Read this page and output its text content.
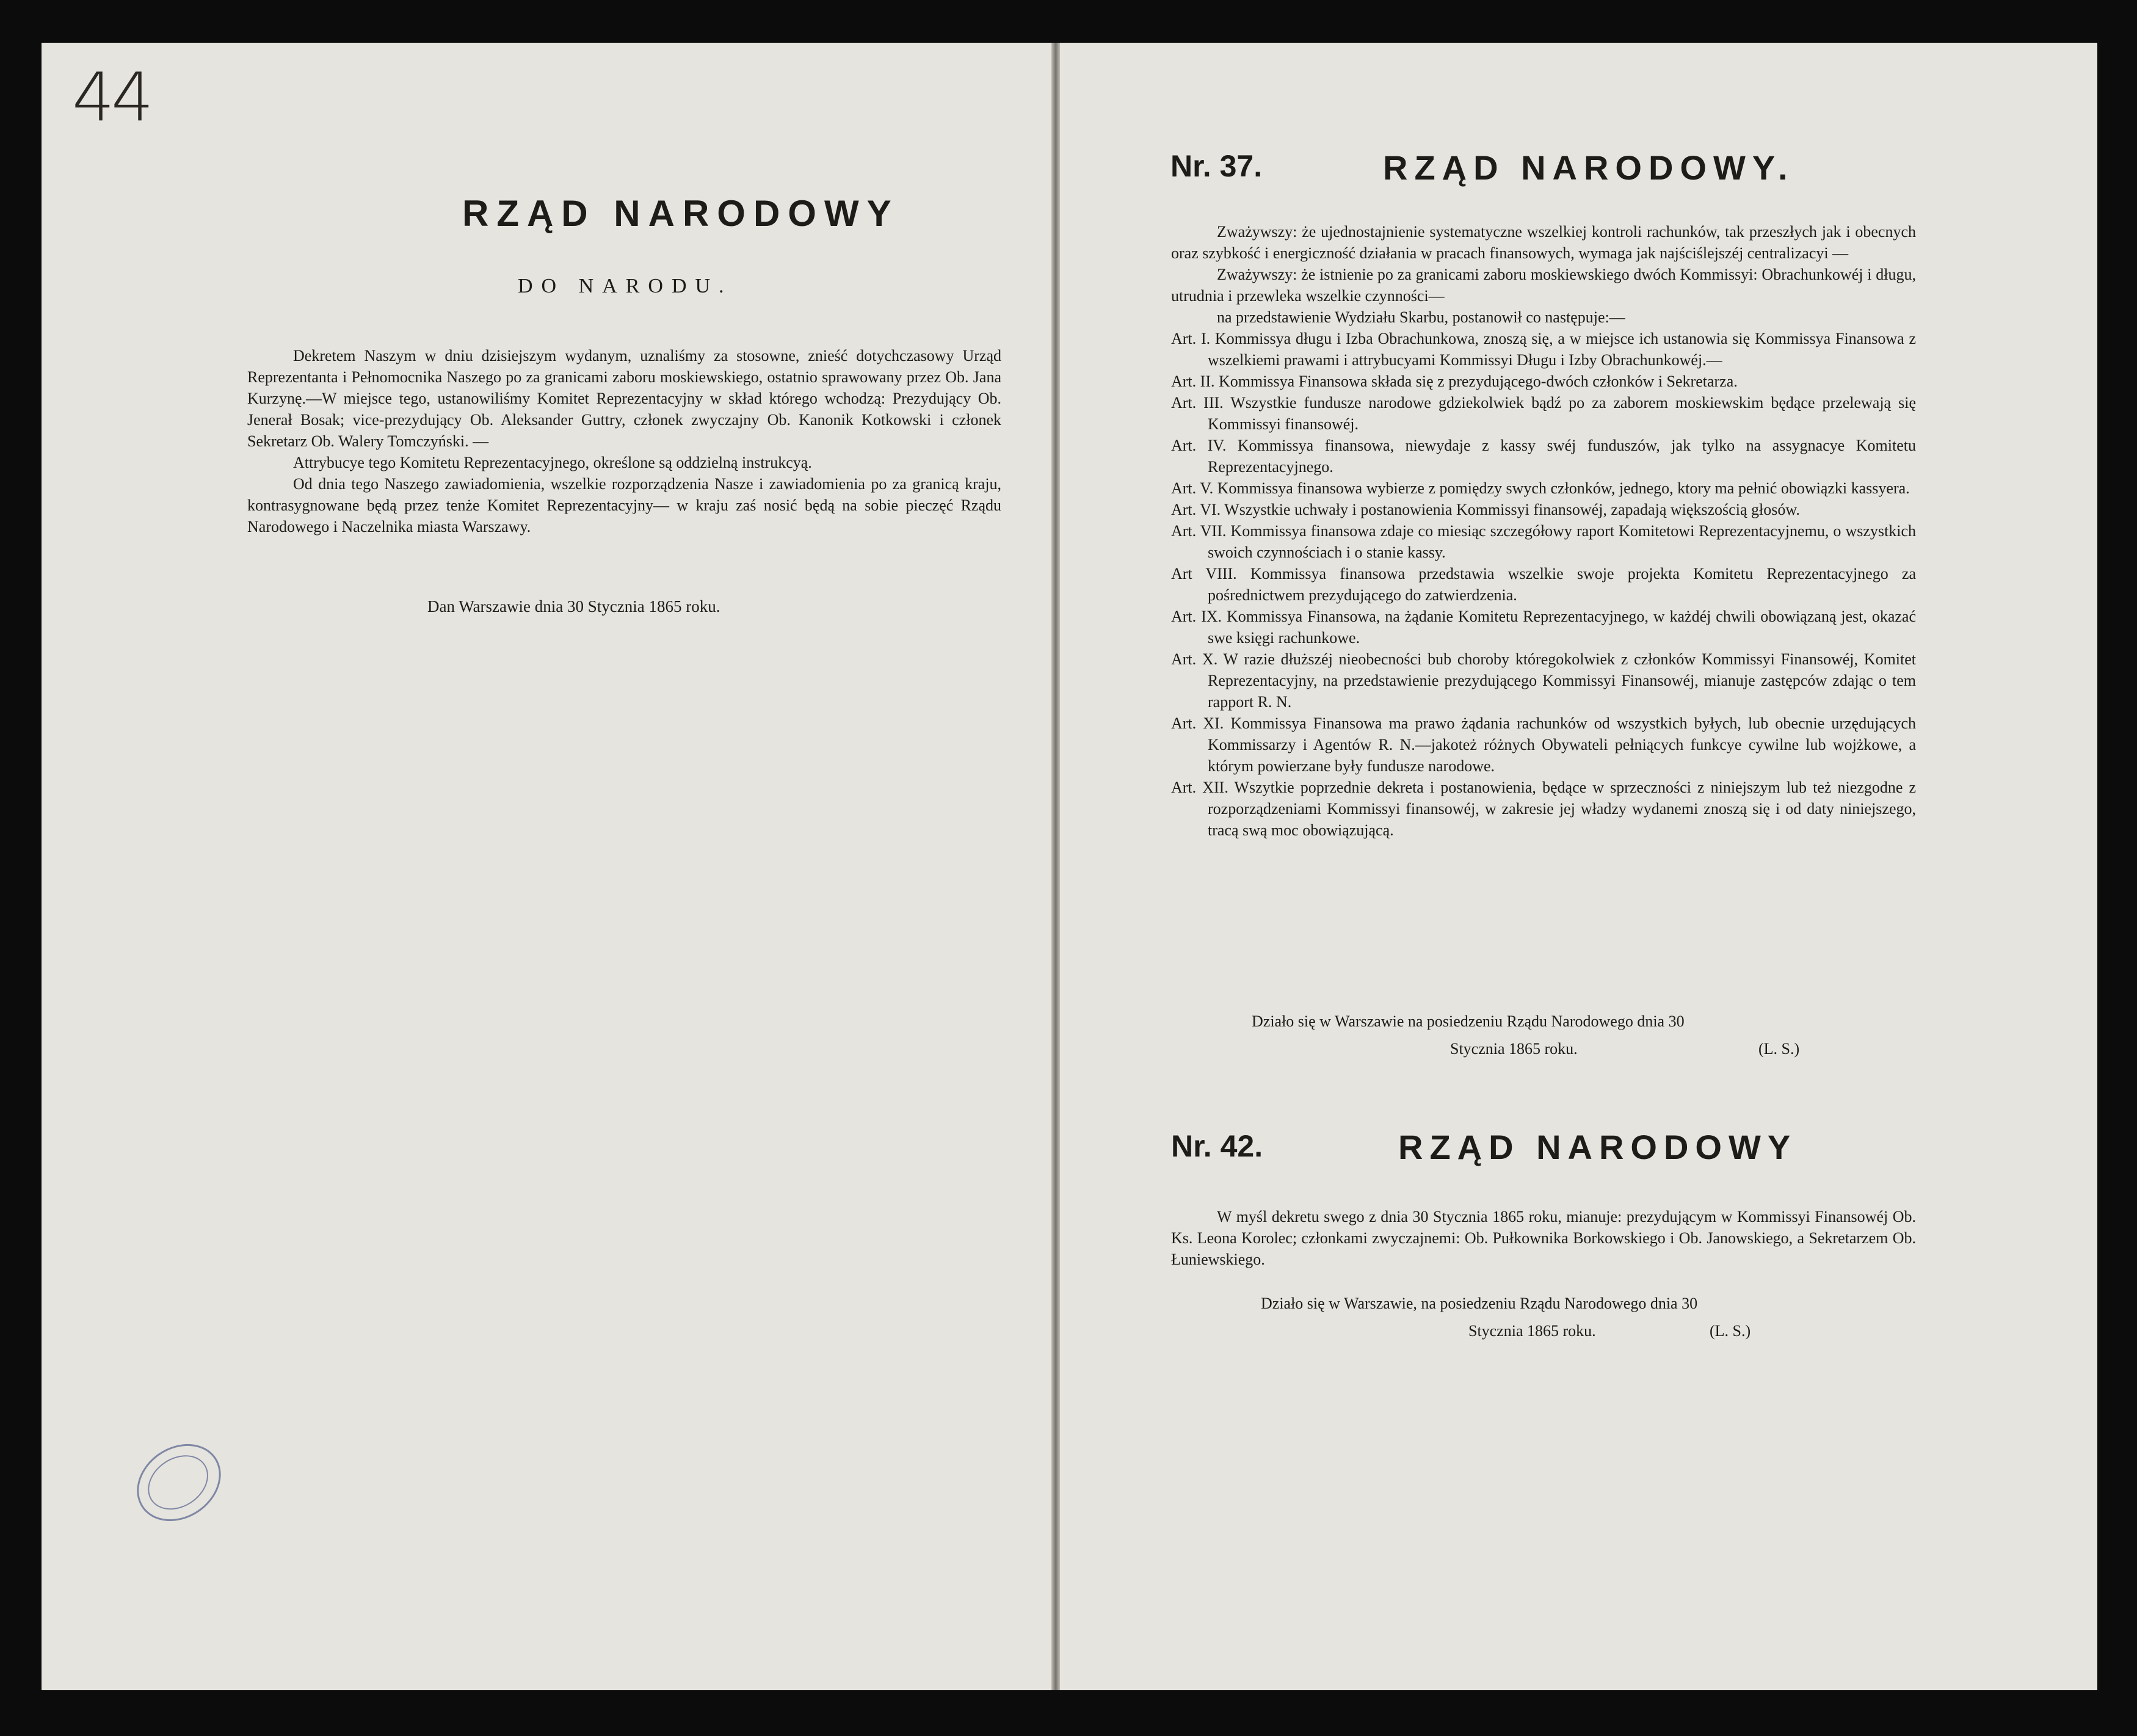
44
RZĄD NARODOWY
DO NARODU.

Dekretem Naszym w dniu dzisiejszym wydanym, uznaliśmy za stosowne, znieść dotychczasowy Urząd Reprezentanta i Pełnomocnika Naszego po za granicami zaboru moskiewskiego, ostatnio sprawowany przez Ob. Jana Kurzynę.—W miejsce tego, ustanowiliśmy Komitet Reprezentacyjny w skład którego wchodzą: Prezydujący Ob. Jenerał Bosak; vice-prezydujący Ob. Aleksander Guttry, członek zwyczajny Ob. Kanonik Kotkowski i członek Sekretarz Ob. Walery Tomczyński. —

Attrybucye tego Komitetu Reprezentacyjnego, określone są oddzielną instrukcyą.

Od dnia tego Naszego zawiadomienia, wszelkie rozporządzenia Nasze i zawiadomienia po za granicą kraju, kontrasygnowane będą przez tenże Komitet Reprezentacyjny— w kraju zaś nosić będą na sobie pieczęć Rządu Narodowego i Naczelnika miasta Warszawy.

Dan Warszawie dnia 30 Stycznia 1865 roku.
Nr. 37.	RZĄD NARODOWY.

Zważywszy: że ujednostajnienie systematyczne wszelkiej kontroli rachunków, tak przeszłych jak i obecnych oraz szybkość i energiczność działania w pracach finansowych, wymaga jak najściślejszéj centralizacyi —

Zważywszy: że istnienie po za granicami zaboru moskiewskiego dwóch Kommissyi: Obrachunkowéj i długu, utrudnia i przewleka wszelkie czynności—

na przedstawienie Wydziału Skarbu, postanowił co następuje:—

Art. I. Kommissya długu i Izba Obrachunkowa, znoszą się, a w miejsce ich ustanowia się Kommissya Finansowa z wszelkiemi prawami i attrybucyami Kommissyi Długu i Izby Obrachunkowéj.—

Art. II. Kommissya Finansowa składa się z prezydującego-dwóch członków i Sekretarza.

Art. III. Wszystkie fundusze narodowe gdziekolwiek bądź po za zaborem moskiewskim będące przelewają się Kommissyi finansowéj.

Art. IV. Kommissya finansowa, niewydaje z kassy swéj funduszów, jak tylko na assygnacye Komitetu Reprezentacyjnego.

Art. V. Kommissya finansowa wybierze z pomiędzy swych członków, jednego, ktory ma pełnić obowiązki kassyera.

Art. VI. Wszystkie uchwały i postanowienia Kommissyi finansowéj, zapadają większością głosów.

Art. VII. Kommissya finansowa zdaje co miesiąc szczegółowy raport Komitetowi Reprezentacyjnemu, o wszystkich swoich czynnościach i o stanie kassy.

Art VIII. Kommissya finansowa przedstawia wszelkie swoje projekta Komitetu Reprezentacyjnego za pośrednictwem prezydującego do zatwierdzenia.

Art. IX. Kommissya Finansowa, na żądanie Komitetu Reprezentacyjnego, w każdéj chwili obowiązaną jest, okazać swe księgi rachunkowe.

Art. X. W razie dłuższéj nieobecności bub choroby któregokolwiek z członków Kommissyi Finansowéj, Komitet Reprezentacyjny, na przedstawienie prezydującego Kommissyi Finansowéj, mianuje zastępców zdając o tem rapport R. N.

Art. XI. Kommissya Finansowa ma prawo żądania rachunków od wszystkich byłych, lub obecnie urzędujących Kommissarzy i Agentów R. N.—jakoteż różnych Obywateli pełniących funkcye cywilne lub wojżkowe, a którym powierzane były fundusze narodowe.

Art. XII. Wszytkie poprzednie dekreta i postanowienia, będące w sprzeczności z niniejszym lub też niezgodne z rozporządzeniami Kommissyi finansowéj, w zakresie jej władzy wydanemi znoszą się i od daty niniejszego, tracą swą moc obowiązującą.

Działo się w Warszawie na posiedzeniu Rządu Narodowego dnia 30
Stycznia 1865 roku.	(L. S.)
Nr. 42.	RZĄD NARODOWY

W myśl dekretu swego z dnia 30 Stycznia 1865 roku, mianuje: prezydującym w Kommissyi Finansowéj Ob. Ks. Leona Korolec; członkami zwyczajnemi: Ob. Pułkownika Borkowskiego i Ob. Janowskiego, a Sekretarzem Ob. Łuniewskiego.

Działo się w Warszawie, na posiedzeniu Rządu Narodowego dnia 30
Stycznia 1865 roku.	(L. S.)
